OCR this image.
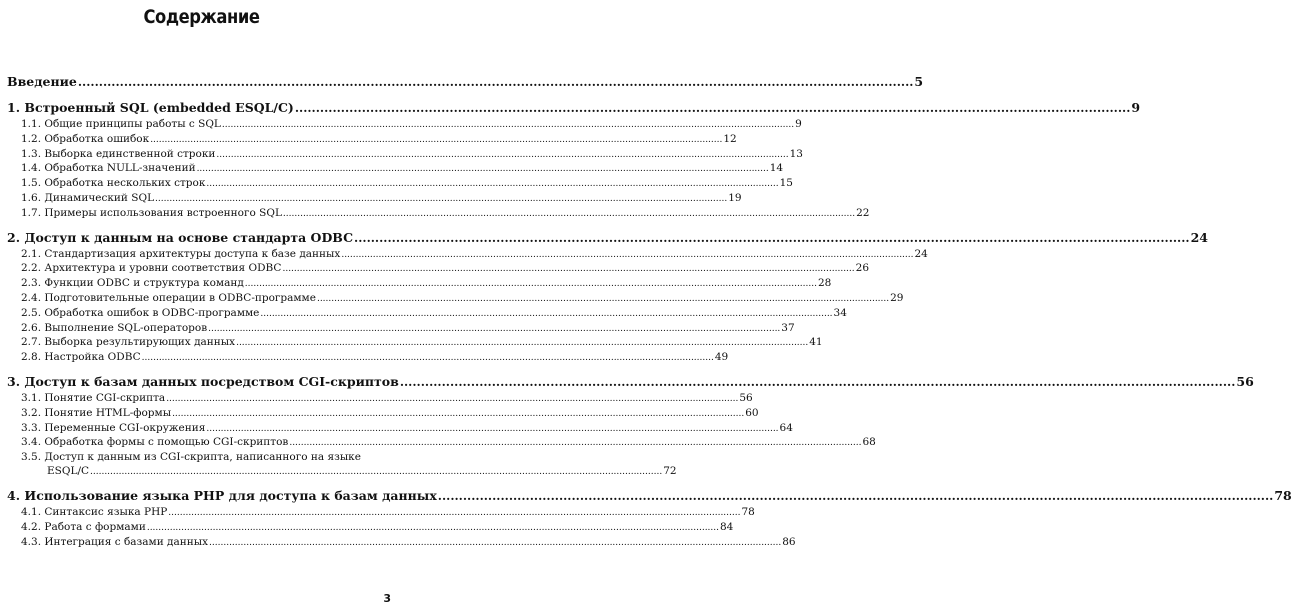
Содержание
Введение .....	5
1. Встроенный SQL (embedded ESQL/C) .....	9
1.1. Общие принципы работы с SQL .....	9
1.2. Обработка ошибок .....	12
1.3. Выборка единственной строки .....	13
1.4. Обработка NULL-значений .....	14
1.5. Обработка нескольких строк .....	15
1.6. Динамический SQL .....	19
1.7. Примеры использования встроенного SQL .....	22
2. Доступ к данным на основе стандарта ODBC .....	24
2.1. Стандартизация архитектуры доступа к базе данных .....	24
2.2. Архитектура и уровни соответствия ODBC .....	26
2.3. Функции ODBC и структура команд .....	28
2.4. Подготовительные операции в ODBC-программе .....	29
2.5. Обработка ошибок в ODBC-программе .....	34
2.6. Выполнение SQL-операторов .....	37
2.7. Выборка результирующих данных .....	41
2.8. Настройка ODBC .....	49
3. Доступ к базам данных посредством CGI-скриптов .....	56
3.1. Понятие CGI-скрипта .....	56
3.2. Понятие HTML-формы .....	60
3.3. Переменные CGI-окружения .....	64
3.4. Обработка формы с помощью CGI-скриптов .....	68
3.5. Доступ к данным из CGI-скрипта, написанного на языке
ESQL/C .....	72
4. Использование языка PHP для доступа к базам данных .....	78
4.1. Синтаксис языка PHP .....	78
4.2. Работа с формами .....	84
4.3. Интеграция с базами данных .....	86
3
